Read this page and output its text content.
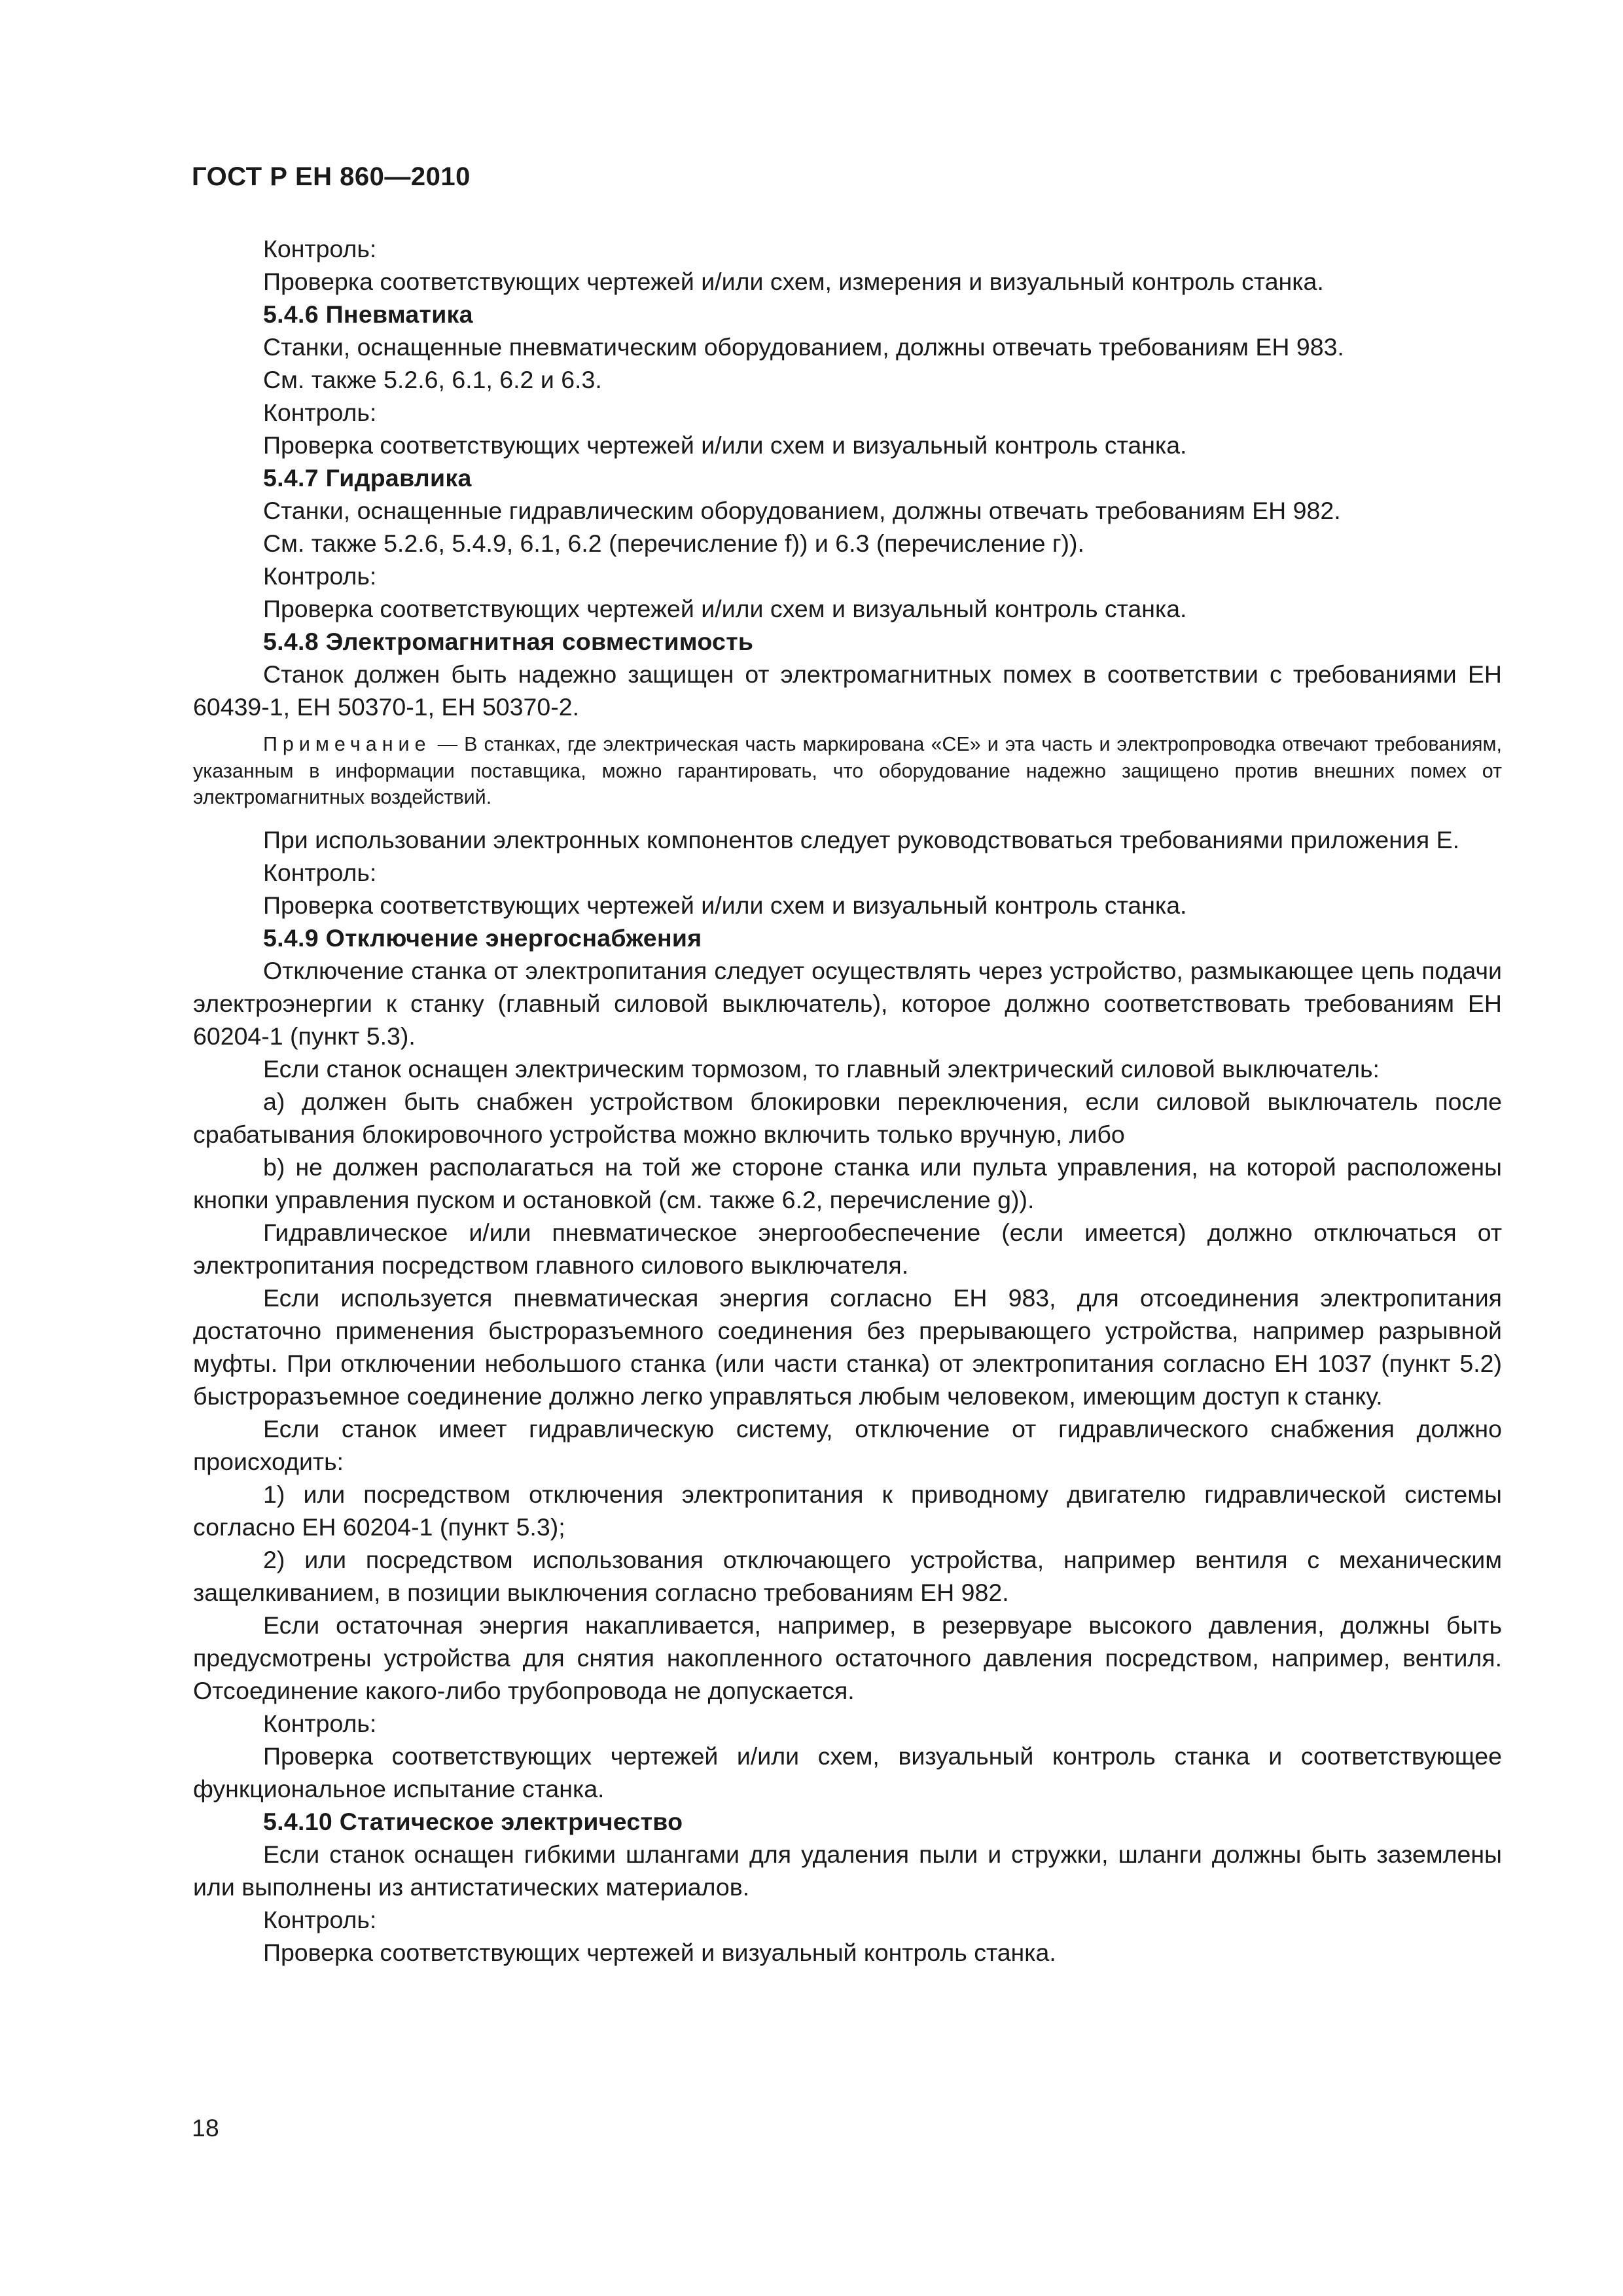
ГОСТ Р ЕН 860—2010

Контроль:

Проверка соответствующих чертежей и/или схем, измерения и визуальный контроль станка.

5.4.6 Пневматика

Станки, оснащенные пневматическим оборудованием, должны отвечать требованиям ЕН 983.

См. также 5.2.6, 6.1, 6.2 и 6.3.

Контроль:

Проверка соответствующих чертежей и/или схем и визуальный контроль станка.

5.4.7 Гидравлика

Станки, оснащенные гидравлическим оборудованием, должны отвечать требованиям ЕН 982.

См. также 5.2.6, 5.4.9, 6.1, 6.2 (перечисление f)) и 6.3 (перечисление г)).

Контроль:

Проверка соответствующих чертежей и/или схем и визуальный контроль станка.

5.4.8 Электромагнитная совместимость

Станок должен быть надежно защищен от электромагнитных помех в соответствии с требованиями ЕН 60439-1, ЕН 50370-1, ЕН 50370-2.

Примечание — В станках, где электрическая часть маркирована «СЕ» и эта часть и электропроводка отвечают требованиям, указанным в информации поставщика, можно гарантировать, что оборудование надежно защищено против внешних помех от электромагнитных воздействий.

При использовании электронных компонентов следует руководствоваться требованиями приложения Е.

Контроль:

Проверка соответствующих чертежей и/или схем и визуальный контроль станка.

5.4.9 Отключение энергоснабжения

Отключение станка от электропитания следует осуществлять через устройство, размыкающее цепь подачи электроэнергии к станку (главный силовой выключатель), которое должно соответствовать требованиям ЕН 60204-1 (пункт 5.3).

Если станок оснащен электрическим тормозом, то главный электрический силовой выключатель:

a) должен быть снабжен устройством блокировки переключения, если силовой выключатель после срабатывания блокировочного устройства можно включить только вручную, либо

b) не должен располагаться на той же стороне станка или пульта управления, на которой расположены кнопки управления пуском и остановкой (см. также 6.2, перечисление g)).

Гидравлическое и/или пневматическое энергообеспечение (если имеется) должно отключаться от электропитания посредством главного силового выключателя.

Если используется пневматическая энергия согласно ЕН 983, для отсоединения электропитания достаточно применения быстроразъемного соединения без прерывающего устройства, например разрывной муфты. При отключении небольшого станка (или части станка) от электропитания согласно ЕН 1037 (пункт 5.2) быстроразъемное соединение должно легко управляться любым человеком, имеющим доступ к станку.

Если станок имеет гидравлическую систему, отключение от гидравлического снабжения должно происходить:

1) или посредством отключения электропитания к приводному двигателю гидравлической системы согласно ЕН 60204-1 (пункт 5.3);

2) или посредством использования отключающего устройства, например вентиля с механическим защелкиванием, в позиции выключения согласно требованиям ЕН 982.

Если остаточная энергия накапливается, например, в резервуаре высокого давления, должны быть предусмотрены устройства для снятия накопленного остаточного давления посредством, например, вентиля. Отсоединение какого-либо трубопровода не допускается.

Контроль:

Проверка соответствующих чертежей и/или схем, визуальный контроль станка и соответствующее функциональное испытание станка.

5.4.10 Статическое электричество

Если станок оснащен гибкими шлангами для удаления пыли и стружки, шланги должны быть заземлены или выполнены из антистатических материалов.

Контроль:

Проверка соответствующих чертежей и визуальный контроль станка.

18
